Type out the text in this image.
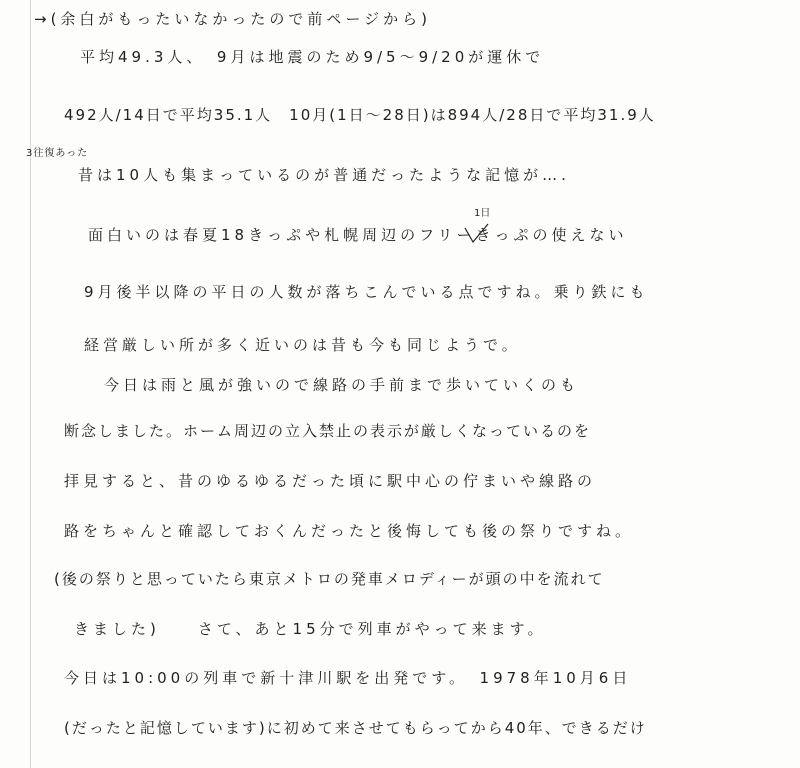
→(余白がもったいなかったので前ページから)
平均49.3人、　9月は地震のため9/5～9/20が運休で
492人/14日で平均35.1人　10月(1日～28日)は894人/28日で平均31.9人
3往復あった
昔は10人も集まっているのが普通だったような記憶が….
1日
面白いのは春夏18きっぷや札幌周辺のフリーきっぷの使えない
9月後半以降の平日の人数が落ちこんでいる点ですね。乗り鉄にも
経営厳しい所が多く近いのは昔も今も同じようで。
今日は雨と風が強いので線路の手前まで歩いていくのも
断念しました。ホーム周辺の立入禁止の表示が厳しくなっているのを
拝見すると、昔のゆるゆるだった頃に駅中心の佇まいや線路の
路をちゃんと確認しておくんだったと後悔しても後の祭りですね。
(後の祭りと思っていたら東京メトロの発車メロディーが頭の中を流れて
きました)　　さて、あと15分で列車がやって来ます。
今日は10:00の列車で新十津川駅を出発です。　1978年10月6日
(だったと記憶しています)に初めて来させてもらってから40年、できるだけ
